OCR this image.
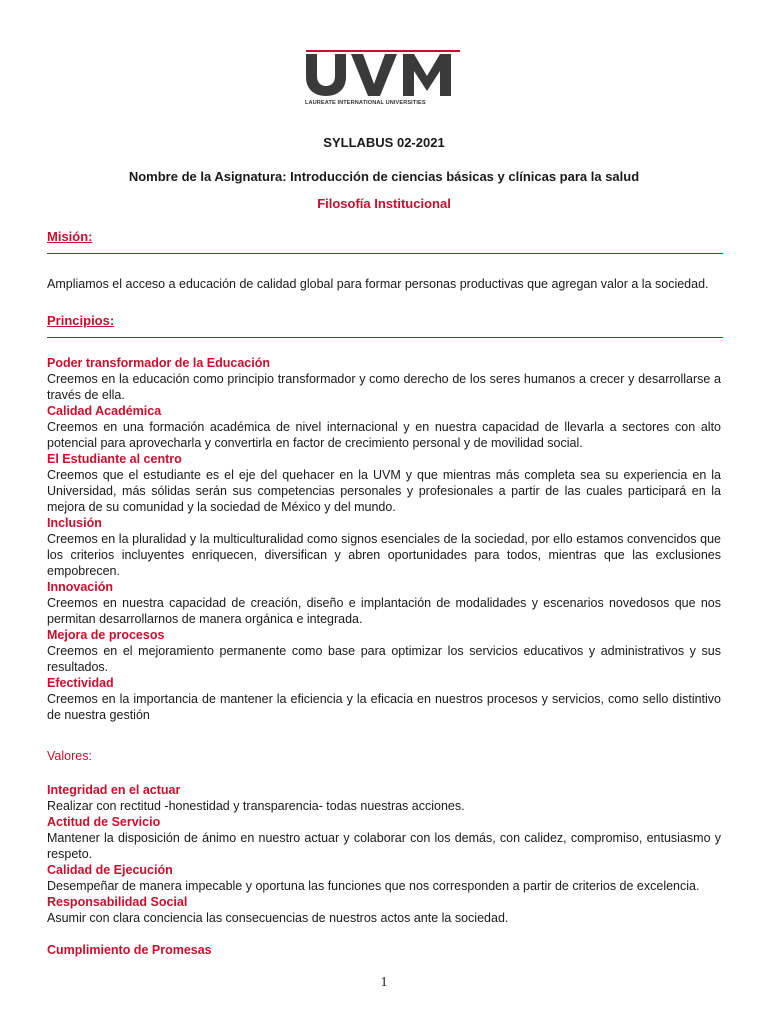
LAUREATE INTERNATIONAL UNIVERSITIES
SYLLABUS 02-2021
Nombre de la Asignatura: Introducción de ciencias básicas y clínicas para la salud
Filosofía Institucional
Misión:
Ampliamos el acceso a educación de calidad global para formar personas productivas que agregan valor a la sociedad.
Principios:
Poder transformador de la Educación
Creemos en la educación como principio transformador y como derecho de los seres humanos a crecer y desarrollarse a través de ella.
Calidad Académica
Creemos en una formación académica de nivel internacional y en nuestra capacidad de llevarla a sectores con alto potencial para aprovecharla y convertirla en factor de crecimiento personal y de movilidad social.
El Estudiante al centro
Creemos que el estudiante es el eje del quehacer en la UVM y que mientras más completa sea su experiencia en la Universidad, más sólidas serán sus competencias personales y profesionales a partir de las cuales participará en la mejora de su comunidad y la sociedad de México y del mundo.
Inclusión
Creemos en la pluralidad y la multiculturalidad como signos esenciales de la sociedad, por ello estamos convencidos que los criterios incluyentes enriquecen, diversifican y abren oportunidades para todos, mientras que las exclusiones empobrecen.
Innovación
Creemos en nuestra capacidad de creación, diseño e implantación de modalidades y escenarios novedosos que nos permitan desarrollarnos de manera orgánica e integrada.
Mejora de procesos
Creemos en el mejoramiento permanente como base para optimizar los servicios educativos y administrativos y sus resultados.
Efectividad
Creemos en la importancia de mantener la eficiencia y la eficacia en nuestros procesos y servicios, como sello distintivo de nuestra gestión
Valores:
Integridad en el actuar
Realizar con rectitud -honestidad y transparencia- todas nuestras acciones.
Actitud de Servicio
Mantener la disposición de ánimo en nuestro actuar y colaborar con los demás, con calidez, compromiso, entusiasmo y respeto.
Calidad de Ejecución
Desempeñar de manera impecable y oportuna las funciones que nos corresponden a partir de criterios de excelencia.
Responsabilidad Social
Asumir con clara conciencia las consecuencias de nuestros actos ante la sociedad.
Cumplimiento de Promesas
1
